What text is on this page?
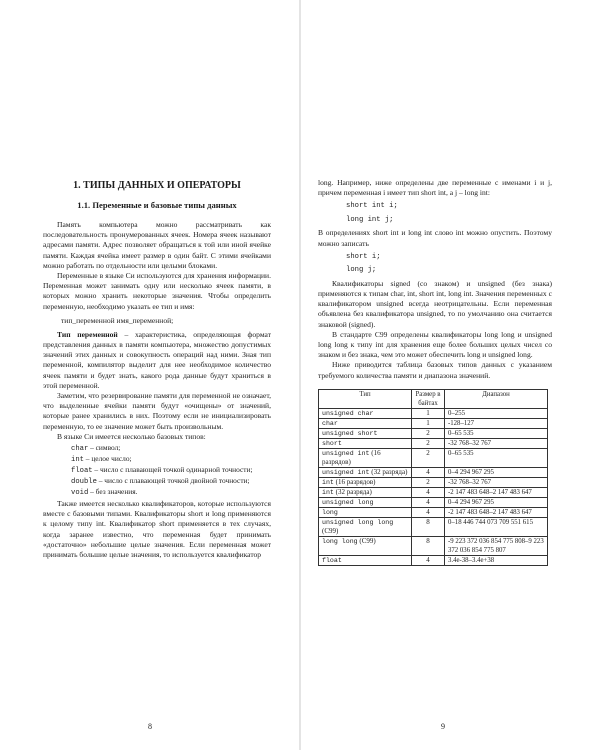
1. ТИПЫ ДАННЫХ И ОПЕРАТОРЫ
1.1. Переменные и базовые типы данных

Память компьютера можно рассматривать как последовательность пронумерованных ячеек. Номера ячеек называют адресами памяти. Адрес позволяет обращаться к той или иной ячейке памяти. Каждая ячейка имеет размер в один байт. С этими ячейками можно работать по отдельности или целыми блоками.

Переменные в языке Си используются для хранения информации. Переменная может занимать одну или несколько ячеек памяти, в которых можно хранить некоторые значения. Чтобы определить переменную, необходимо указать ее тип и имя:

тип_переменной имя_переменной;

Тип переменной – характеристика, определяющая формат представления данных в памяти компьютера, множество допустимых значений этих данных и совокупность операций над ними. Зная тип переменной, компилятор выделит для нее необходимое количество ячеек памяти и будет знать, какого рода данные будут храниться в этой переменной.

Заметим, что резервирование памяти для переменной не означает, что выделенные ячейки памяти будут «очищены» от значений, которые ранее хранились в них. Поэтому если не инициализировать переменную, то ее значение может быть произвольным.

В языке Си имеется несколько базовых типов:

char – символ;
int – целое число;
float – число с плавающей точкой одинарной точности;
double – число с плавающей точкой двойной точности;
void – без значения.

Также имеется несколько квалификаторов, которые используются вместе с базовыми типами. Квалификаторы short и long применяются к целому типу int. Квалификатор short применяется в тех случаях, когда заранее известно, что переменная будет принимать «достаточно» небольшие целые значения. Если переменная может принимать большие целые значения, то используется квалификатор

8

long. Например, ниже определены две переменные с именами i и j, причем переменная i имеет тип short int, а j – long int:

short int i;
long int j;

В определениях short int и long int слово int можно опустить. Поэтому можно записать

short i;
long j;

Квалификаторы signed (со знаком) и unsigned (без знака) применяются к типам char, int, short int, long int. Значения переменных с квалификатором unsigned всегда неотрицательны. Если переменная объявлена без квалификатора unsigned, то по умолчанию она считается знаковой (signed).

В стандарте C99 определены квалификаторы long long и unsigned long long к типу int для хранения еще более больших целых чисел со знаком и без знака, чем это может обеспечить long и unsigned long.

Ниже приводится таблица базовых типов данных с указанием требуемого количества памяти и диапазона значений.

Тип	Размер в байтах	Диапазон
unsigned char	1	0–255
char	1	-128–127
unsigned short	2	0–65 535
short	2	-32 768–32 767
unsigned int (16 разрядов)	2	0–65 535
unsigned int (32 разряда)	4	0–4 294 967 295
int (16 разрядов)	2	-32 768–32 767
int (32 разряда)	4	-2 147 483 648–2 147 483 647
unsigned long	4	0–4 294 967 295
long	4	-2 147 483 648–2 147 483 647
unsigned long long (C99)	8	0–18 446 744 073 709 551 615
long long (C99)	8	-9 223 372 036 854 775 808–9 223 372 036 854 775 807
float	4	3.4e-38–3.4e+38
9
